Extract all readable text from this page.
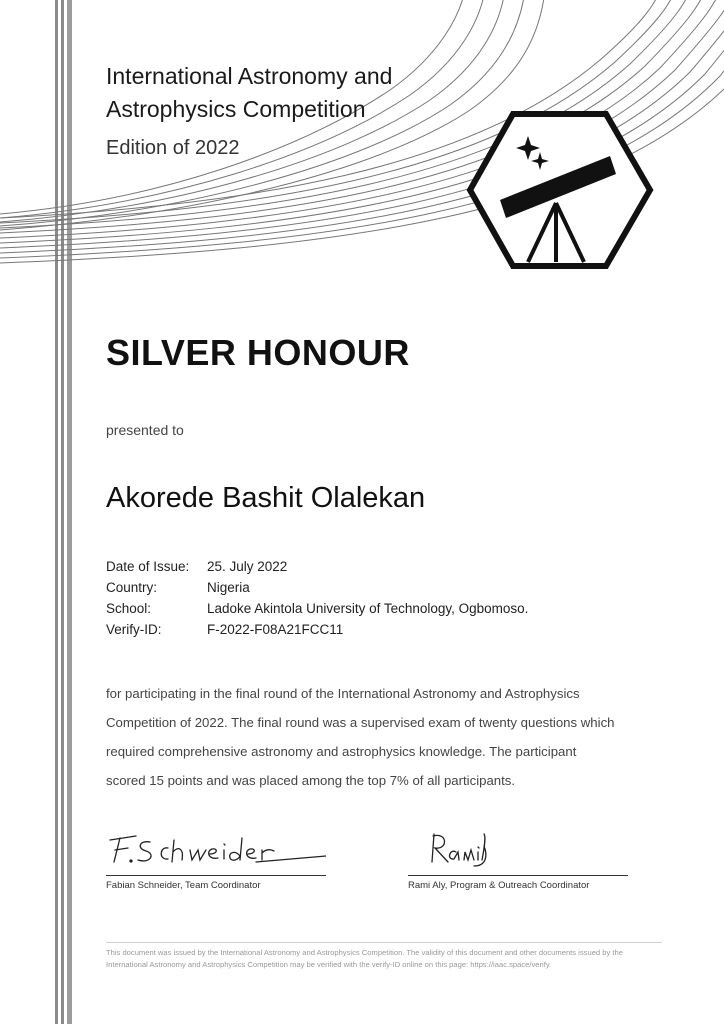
International Astronomy and
Astrophysics Competition
Edition of 2022
SILVER HONOUR
presented to
Akorede Bashit Olalekan
Date of Issue:	25. July 2022
Country:	Nigeria
School:	Ladoke Akintola University of Technology, Ogbomoso.
Verify-ID:	F-2022-F08A21FCC11
for participating in the final round of the International Astronomy and Astrophysics
Competition of 2022. The final round was a supervised exam of twenty questions which
required comprehensive astronomy and astrophysics knowledge. The participant
scored 15 points and was placed among the top 7% of all participants.
Fabian Schneider, Team Coordinator	Rami Aly, Program & Outreach Coordinator
This document was issued by the International Astronomy and Astrophysics Competition. The validity of this document and other documents issued by the
International Astronomy and Astrophysics Competition may be verified with the verify-ID online on this page: https://iaac.space/verify.
